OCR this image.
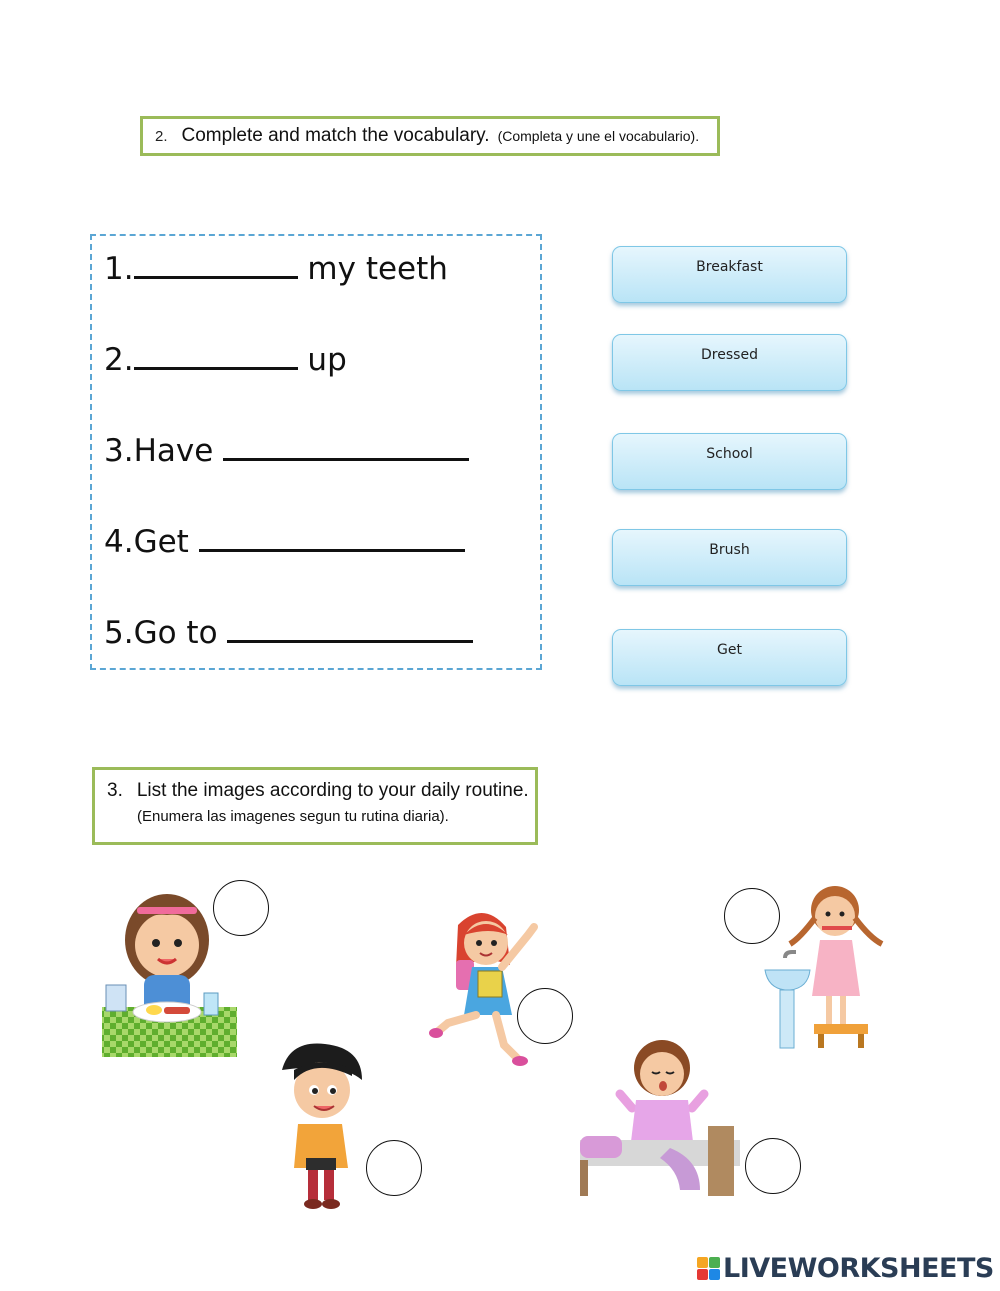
2. Complete and match the vocabulary. (Completa y une el vocabulario).
1.	my teeth
2.	up
3.Have
4.Get
5.Go to
Breakfast
Dressed
School
Brush
Get
3. List the images according to your daily routine.
(Enumera las imagenes segun tu rutina diaria).
LIVEWORKSHEETS
